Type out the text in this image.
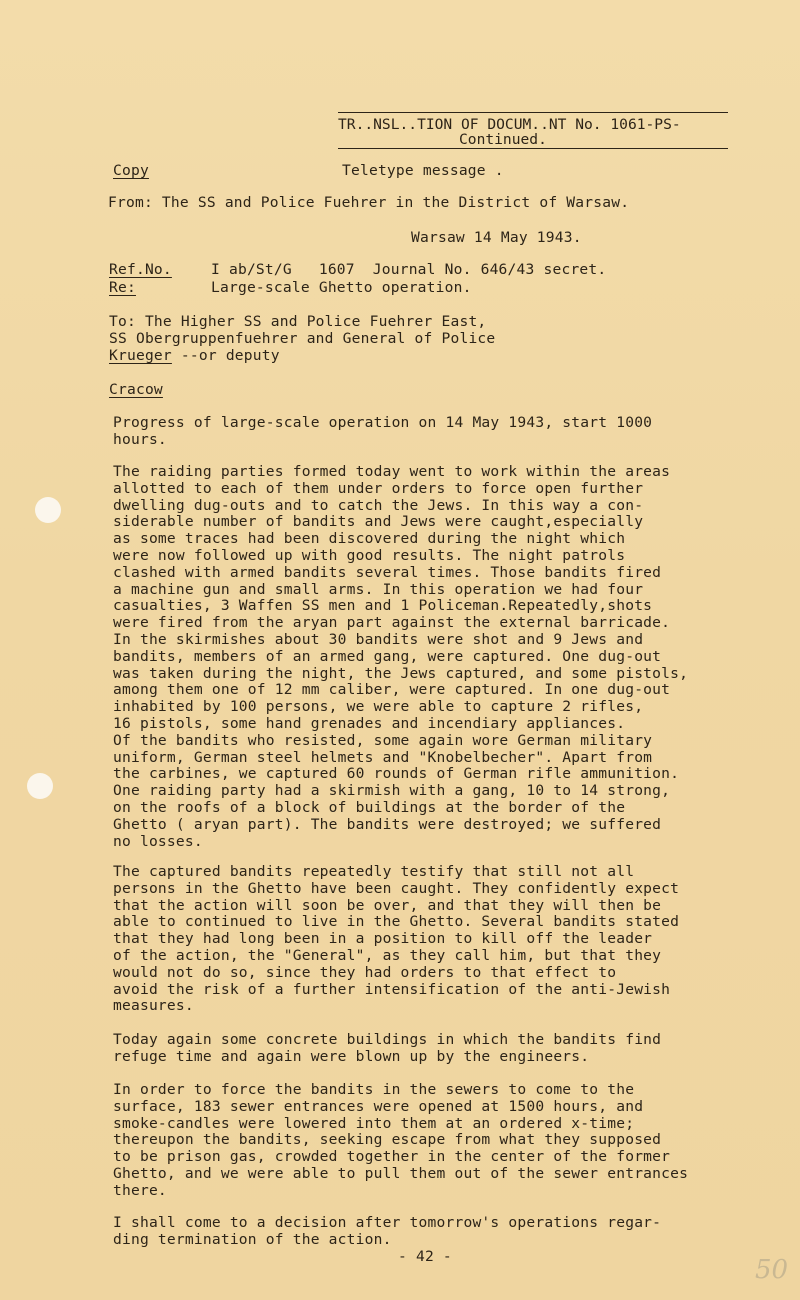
TR..NSL..TION OF DOCUM..NT No. 1061-PS-
Continued.
Copy	Teletype message .
From: The SS and Police Fuehrer in the District of Warsaw.
Warsaw 14 May 1943.
Ref.No.	I ab/St/G   1607  Journal No. 646/43 secret.
Re:	Large-scale Ghetto operation.
To: The Higher SS and Police Fuehrer East,
SS Obergruppenfuehrer and General of Police
Krueger --or deputy
Cracow
Progress of large-scale operation on 14 May 1943, start 1000
hours.
The raiding parties formed today went to work within the areas
allotted to each of them under orders to force open further
dwelling dug-outs and to catch the Jews. In this way a con-
siderable number of bandits and Jews were caught,especially
as some traces had been discovered during the night which
were now followed up with good results. The night patrols
clashed with armed bandits several times. Those bandits fired
a machine gun and small arms. In this operation we had four
casualties, 3 Waffen SS men and 1 Policeman.Repeatedly,shots
were fired from the aryan part against the external barricade.
In the skirmishes about 30 bandits were shot and 9 Jews and
bandits, members of an armed gang, were captured. One dug-out
was taken during the night, the Jews captured, and some pistols,
among them one of 12 mm caliber, were captured. In one dug-out
inhabited by 100 persons, we were able to capture 2 rifles,
16 pistols, some hand grenades and incendiary appliances.
Of the bandits who resisted, some again wore German military
uniform, German steel helmets and "Knobelbecher". Apart from
the carbines, we captured 60 rounds of German rifle ammunition.
One raiding party had a skirmish with a gang, 10 to 14 strong,
on the roofs of a block of buildings at the border of the
Ghetto ( aryan part). The bandits were destroyed; we suffered
no losses.
The captured bandits repeatedly testify that still not all
persons in the Ghetto have been caught. They confidently expect
that the action will soon be over, and that they will then be
able to continued to live in the Ghetto. Several bandits stated
that they had long been in a position to kill off the leader
of the action, the "General", as they call him, but that they
would not do so, since they had orders to that effect to
avoid the risk of a further intensification of the anti-Jewish
measures.
Today again some concrete buildings in which the bandits find
refuge time and again were blown up by the engineers.
In order to force the bandits in the sewers to come to the
surface, 183 sewer entrances were opened at 1500 hours, and
smoke-candles were lowered into them at an ordered x-time;
thereupon the bandits, seeking escape from what they supposed
to be prison gas, crowded together in the center of the former
Ghetto, and we were able to pull them out of the sewer entrances
there.
I shall come to a decision after tomorrow's operations regar-
ding termination of the action.
- 42 -	50
